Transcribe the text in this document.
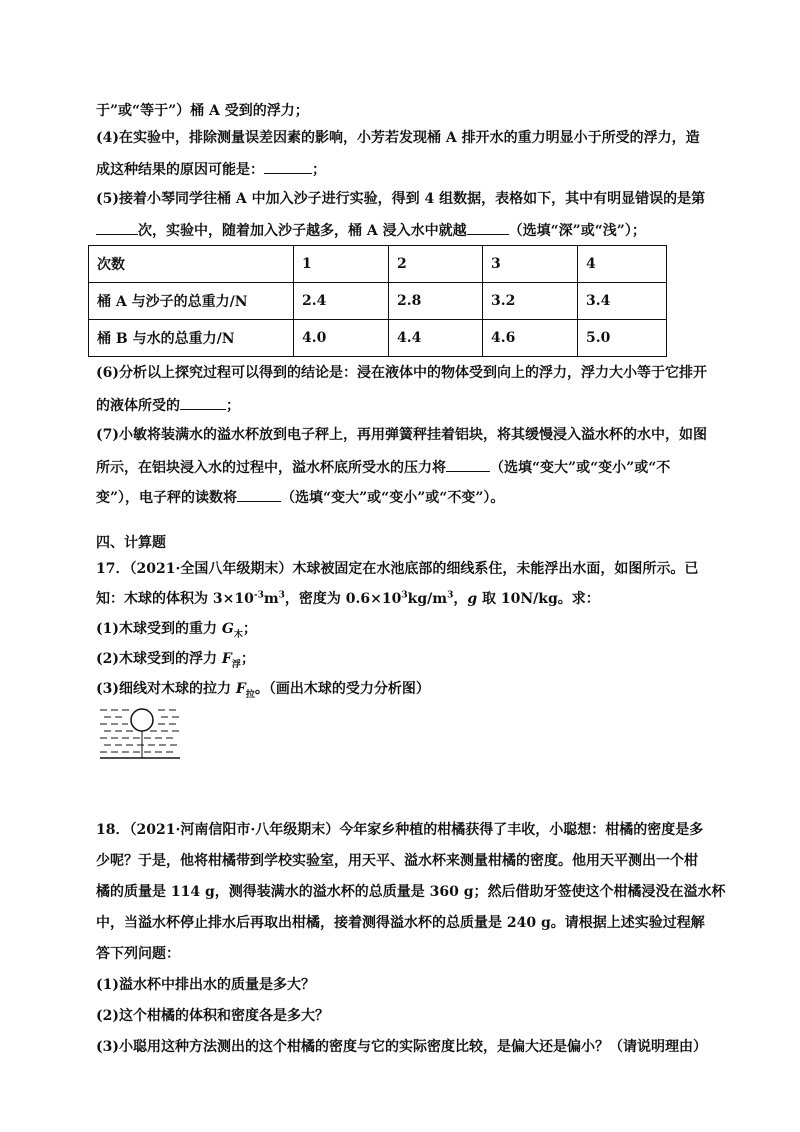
于”或“等于”）桶 A 受到的浮力；
(4)在实验中，排除测量误差因素的影响，小芳若发现桶 A 排开水的重力明显小于所受的浮力，造
成这种结果的原因可能是：	；
(5)接着小琴同学往桶 A 中加入沙子进行实验，得到 4 组数据，表格如下，其中有明显错误的是第
次，实验中，随着加入沙子越多，桶 A 浸入水中就越	（选填“深”或“浅”）；
次数	1	2	3	4
桶 A 与沙子的总重力/N	2.4	2.8	3.2	3.4
桶 B 与水的总重力/N	4.0	4.4	4.6	5.0
(6)分析以上探究过程可以得到的结论是：浸在液体中的物体受到向上的浮力，浮力大小等于它排开
的液体所受的	；
(7)小敏将装满水的溢水杯放到电子秤上，再用弹簧秤挂着铝块，将其缓慢浸入溢水杯的水中，如图
所示，在铝块浸入水的过程中，溢水杯底所受水的压力将	（选填“变大”或“变小”或“不
变”），电子秤的读数将	（选填“变大”或“变小”或“不变”）。
四、计算题
17．（2021·全国八年级期末）木球被固定在水池底部的细线系住，未能浮出水面，如图所示。已
知：木球的体积为 $3\times 10^{-3}m^3$，密度为 $0.6\times 10^3kg/m^3$，g 取 10N/kg。求：
(1)木球受到的重力 $G_木$；
(2)木球受到的浮力 $F_浮$；
(3)细线对木球的拉力 $F_拉$。（画出木球的受力分析图）
18．（2021·河南信阳市·八年级期末）今年家乡种植的柑橘获得了丰收，小聪想：柑橘的密度是多
少呢？于是，他将柑橘带到学校实验室，用天平、溢水杯来测量柑橘的密度。他用天平测出一个柑
橘的质量是 114 g，测得装满水的溢水杯的总质量是 360 g；然后借助牙签使这个柑橘浸没在溢水杯
中，当溢水杯停止排水后再取出柑橘，接着测得溢水杯的总质量是 240 g。请根据上述实验过程解
答下列问题：
(1)溢水杯中排出水的质量是多大？
(2)这个柑橘的体积和密度各是多大？
(3)小聪用这种方法测出的这个柑橘的密度与它的实际密度比较，是偏大还是偏小？（请说明理由）
